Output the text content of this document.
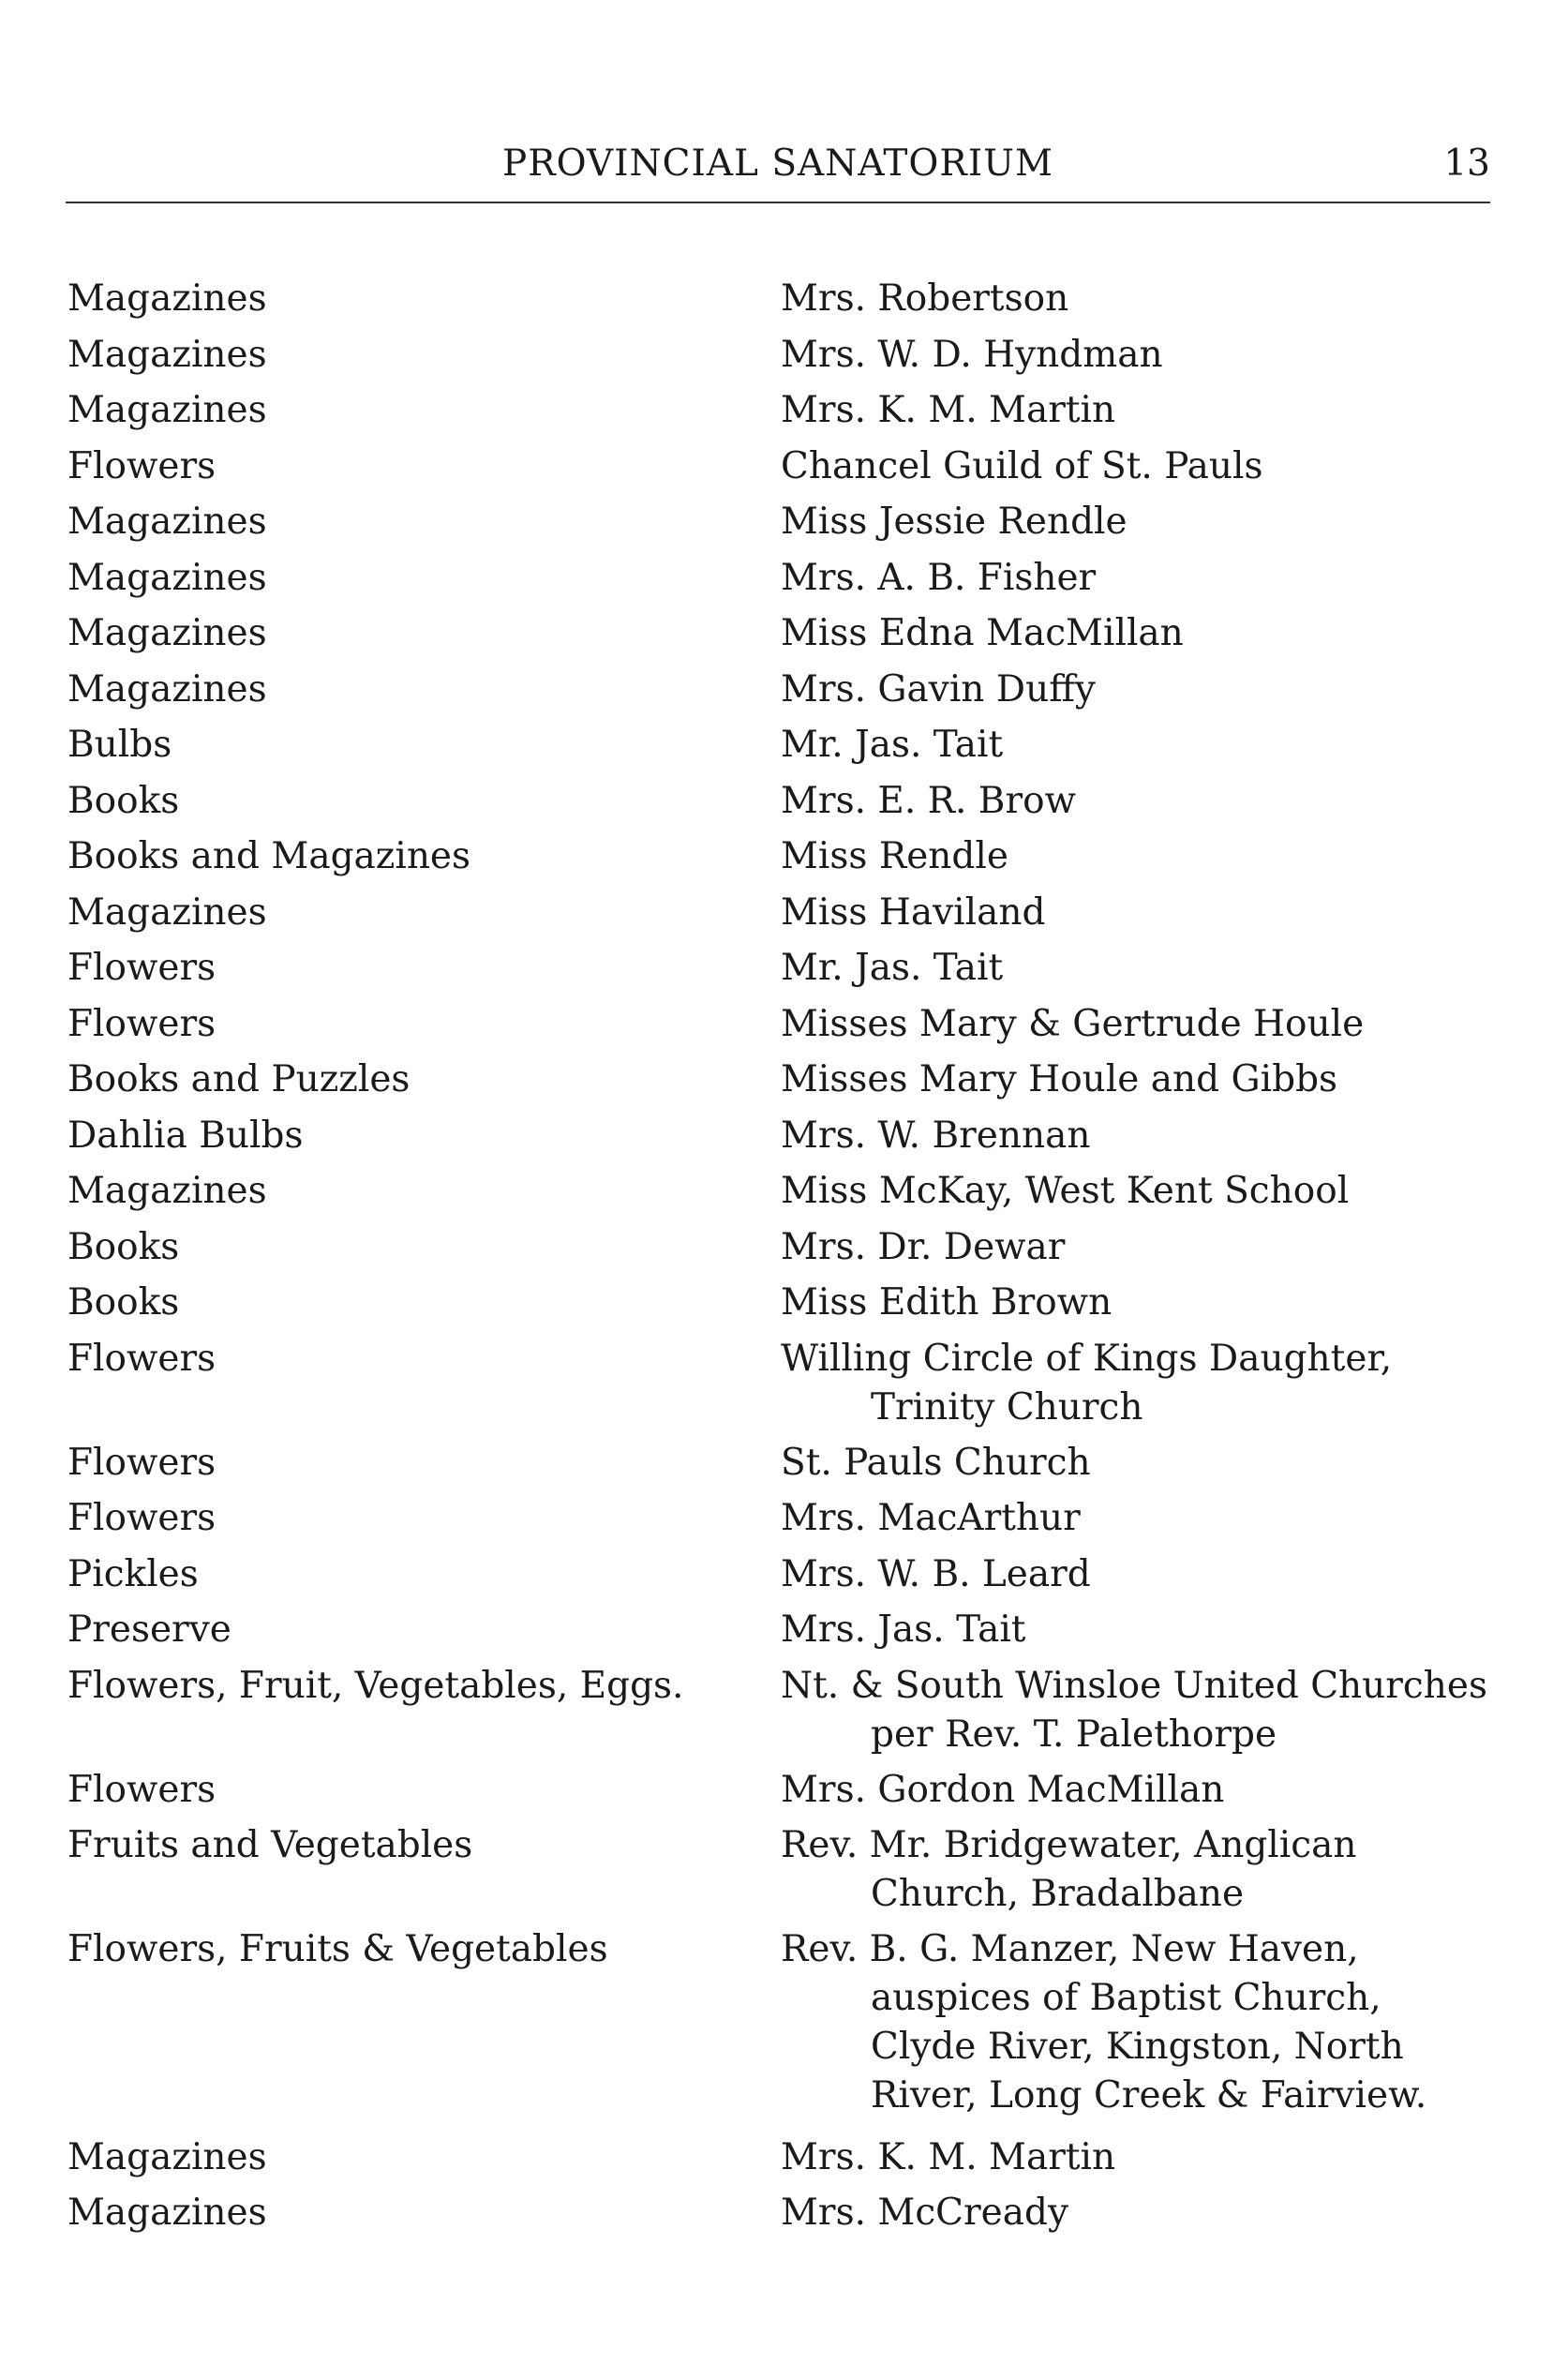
PROVINCIAL SANATORIUM	13
Magazines	Mrs. Robertson
Magazines	Mrs. W. D. Hyndman
Magazines	Mrs. K. M. Martin
Flowers	Chancel Guild of St. Pauls
Magazines	Miss Jessie Rendle
Magazines	Mrs. A. B. Fisher
Magazines	Miss Edna MacMillan
Magazines	Mrs. Gavin Duffy
Bulbs	Mr. Jas. Tait
Books	Mrs. E. R. Brow
Books and Magazines	Miss Rendle
Magazines	Miss Haviland
Flowers	Mr. Jas. Tait
Flowers	Misses Mary & Gertrude Houle
Books and Puzzles	Misses Mary Houle and Gibbs
Dahlia Bulbs	Mrs. W. Brennan
Magazines	Miss McKay, West Kent School
Books	Mrs. Dr. Dewar
Books	Miss Edith Brown
Flowers	Willing Circle of Kings Daughter,
Trinity Church
Flowers	St. Pauls Church
Flowers	Mrs. MacArthur
Pickles	Mrs. W. B. Leard
Preserve	Mrs. Jas. Tait
Flowers, Fruit, Vegetables, Eggs.	Nt. & South Winsloe United Churches
per Rev. T. Palethorpe
Flowers	Mrs. Gordon MacMillan
Fruits and Vegetables	Rev. Mr. Bridgewater, Anglican
Church, Bradalbane
Flowers, Fruits & Vegetables	Rev. B. G. Manzer, New Haven,
auspices of Baptist Church,
Clyde River, Kingston, North
River, Long Creek & Fairview.
Magazines	Mrs. K. M. Martin
Magazines	Mrs. McCready
